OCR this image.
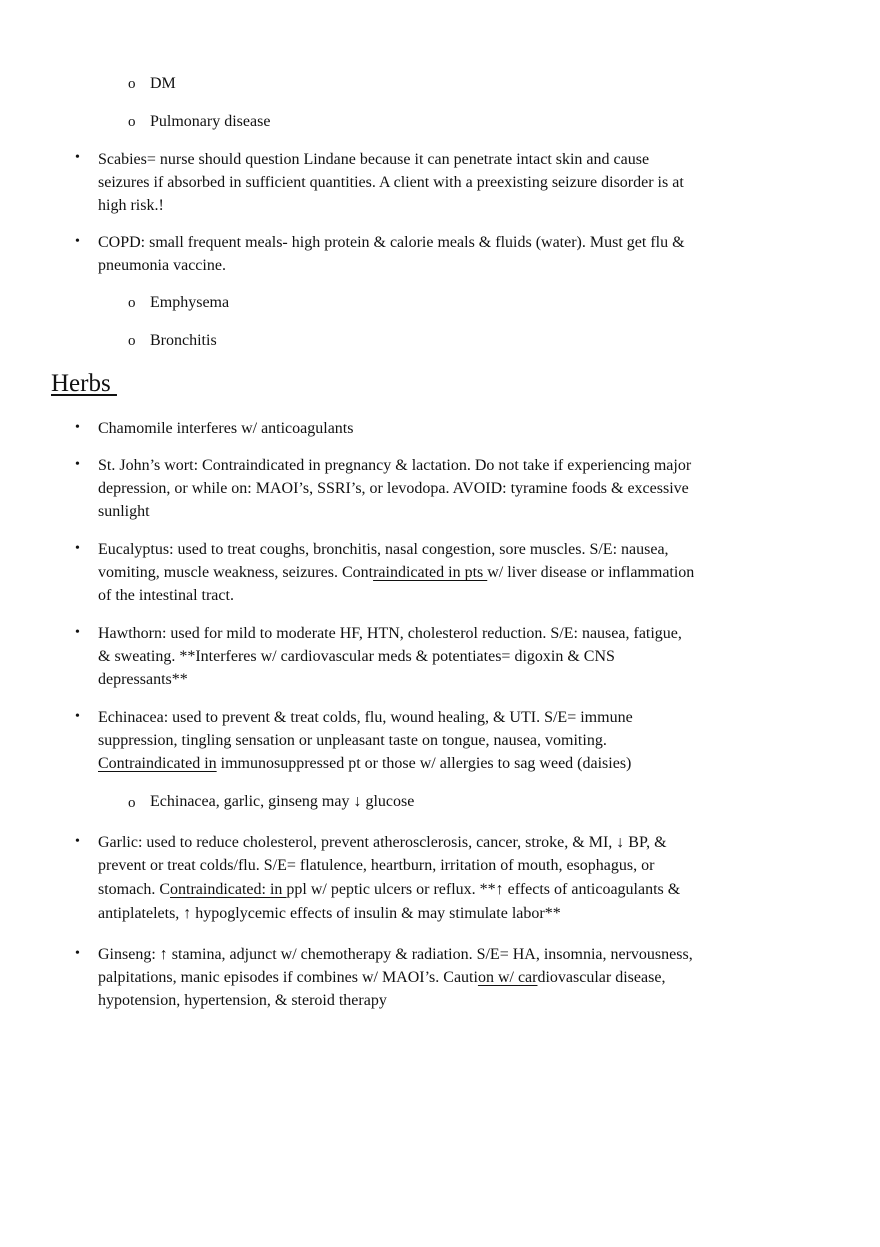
o DM
o Pulmonary disease
• Scabies= nurse should question Lindane because it can penetrate intact skin and cause
seizures if absorbed in sufficient quantities. A client with a preexisting seizure disorder is at
high risk.!
• COPD: small frequent meals- high protein & calorie meals & fluids (water). Must get flu &
pneumonia vaccine.
o Emphysema
o Bronchitis
Herbs
• Chamomile interferes w/ anticoagulants
• St. John’s wort: Contraindicated in pregnancy & lactation. Do not take if experiencing major
depression, or while on: MAOI’s, SSRI’s, or levodopa. AVOID: tyramine foods & excessive
sunlight
• Eucalyptus: used to treat coughs, bronchitis, nasal congestion, sore muscles. S/E: nausea,
vomiting, muscle weakness, seizures. Contraindicated in pts w/ liver disease or inflammation
of the intestinal tract.
• Hawthorn: used for mild to moderate HF, HTN, cholesterol reduction. S/E: nausea, fatigue,
& sweating. **Interferes w/ cardiovascular meds & potentiates= digoxin & CNS
depressants**
• Echinacea: used to prevent & treat colds, flu, wound healing, & UTI. S/E= immune
suppression, tingling sensation or unpleasant taste on tongue, nausea, vomiting.
Contraindicated in immunosuppressed pt or those w/ allergies to sag weed (daisies)
o Echinacea, garlic, ginseng may ↓ glucose
• Garlic: used to reduce cholesterol, prevent atherosclerosis, cancer, stroke, & MI, ↓ BP, &
prevent or treat colds/flu. S/E= flatulence, heartburn, irritation of mouth, esophagus, or
stomach. Contraindicated: in ppl w/ peptic ulcers or reflux. **↑ effects of anticoagulants &
antiplatelets, ↑ hypoglycemic effects of insulin & may stimulate labor**
• Ginseng: ↑ stamina, adjunct w/ chemotherapy & radiation. S/E= HA, insomnia, nervousness,
palpitations, manic episodes if combines w/ MAOI’s. Caution w/ cardiovascular disease,
hypotension, hypertension, & steroid therapy
